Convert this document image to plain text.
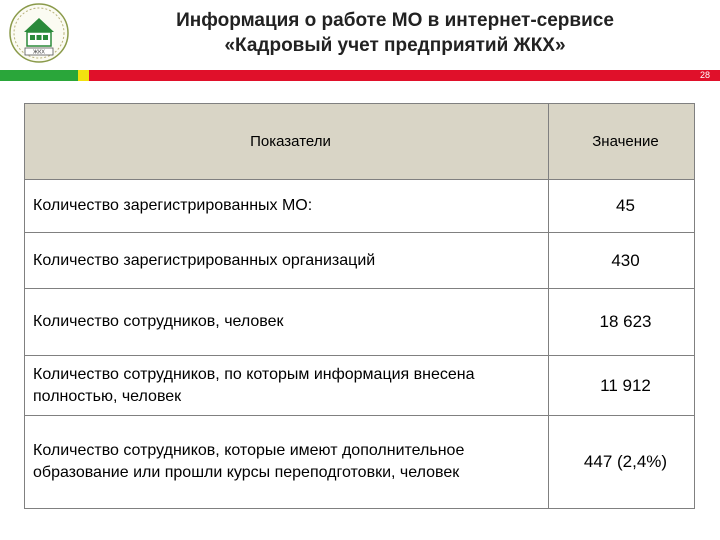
ЖКХ
Информация о работе МО в интернет-сервисе
«Кадровый учет предприятий ЖКХ»
28
Показатели	Значение
Количество зарегистрированных МО:	45
Количество зарегистрированных организаций	430
Количество сотрудников, человек	18 623
Количество сотрудников, по которым информация внесена полностью, человек	11 912
Количество сотрудников, которые имеют дополнительное образование или прошли курсы переподготовки, человек	447 (2,4%)
